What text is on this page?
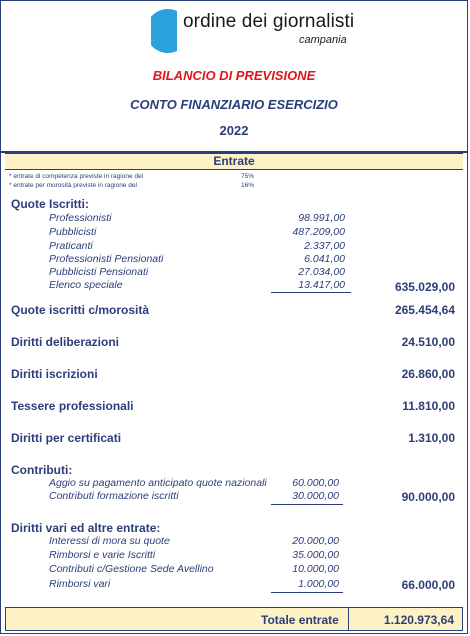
ordine dei giornalisti
campania
BILANCIO DI PREVISIONE
CONTO FINANZIARIO ESERCIZIO
2022
Entrate
* entrate di competenza previste in ragione del	75%
* entrate per morosità previste in ragione del	16%
Quote Iscritti:
Professionisti	98.991,00
Pubblicisti	487.209,00
Praticanti	2.337,00
Professionisti Pensionati	6.041,00
Pubblicisti Pensionati	27.034,00
Elenco speciale	13.417,00	635.029,00
Quote iscritti c/morosità	265.454,64
Diritti deliberazioni	24.510,00
Diritti iscrizioni	26.860,00
Tessere professionali	11.810,00
Diritti per certificati	1.310,00
Contributi:
Aggio su pagamento anticipato quote nazionali 60.000,00
Contributi formazione iscritti	30.000,00	90.000,00
Diritti vari ed altre entrate:
Interessi di mora su quote	20.000,00
Rimborsi e varie Iscritti	35.000,00
Contributi c/Gestione Sede Avellino	10.000,00
Rimborsi vari	1.000,00	66.000,00
Totale entrate	1.120.973,64
